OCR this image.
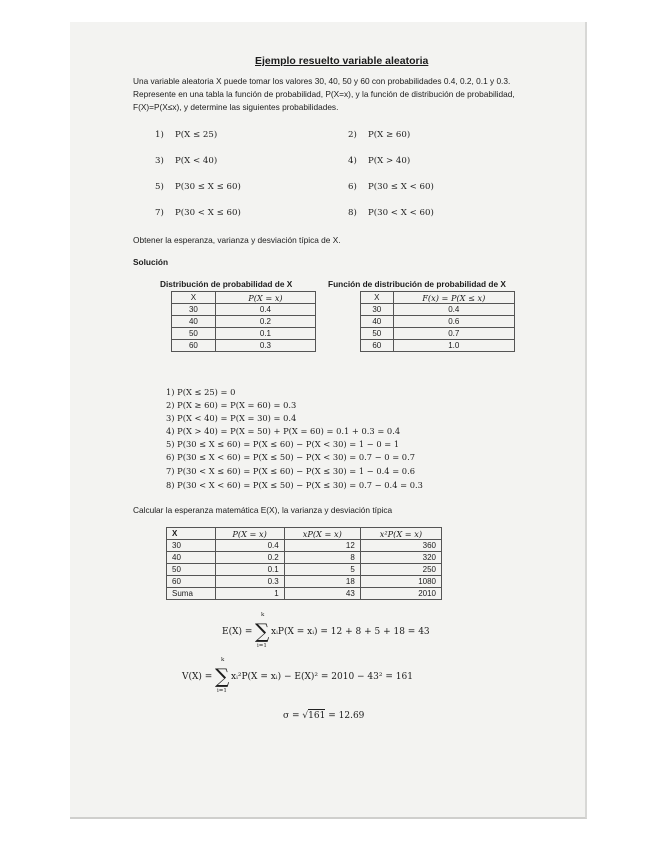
Ejemplo resuelto variable aleatoria
Una variable aleatoria X puede tomar los valores 30, 40, 50 y 60 con probabilidades 0.4, 0.2, 0.1 y 0.3. Represente en una tabla la función de probabilidad, P(X=x), y la función de distribución de probabilidad, F(X)=P(X≤x), y determine las siguientes probabilidades.
1) P(X ≤ 25)	2) P(X ≥ 60)
3) P(X < 40)	4) P(X > 40)
5) P(30 ≤ X ≤ 60)	6) P(30 ≤ X < 60)
7) P(30 < X ≤ 60)	8) P(30 < X < 60)
Obtener la esperanza, varianza y desviación típica de X.
Solución
Distribución de probabilidad de X
X	P(X = x)
30	0.4
40	0.2
50	0.1
60	0.3
Función de distribución de probabilidad de X
X	F(x) = P(X ≤ x)
30	0.4
40	0.6
50	0.7
60	1.0
1) P(X ≤ 25) = 0
2) P(X ≥ 60) = P(X = 60) = 0.3
3) P(X < 40) = P(X = 30) = 0.4
4) P(X > 40) = P(X = 50) + P(X = 60) = 0.1 + 0.3 = 0.4
5) P(30 ≤ X ≤ 60) = P(X ≤ 60) − P(X < 30) = 1 − 0 = 1
6) P(30 ≤ X < 60) = P(X ≤ 50) − P(X < 30) = 0.7 − 0 = 0.7
7) P(30 < X ≤ 60) = P(X ≤ 60) − P(X ≤ 30) = 1 − 0.4 = 0.6
8) P(30 < X < 60) = P(X ≤ 50) − P(X ≤ 30) = 0.7 − 0.4 = 0.3
Calcular la esperanza matemática E(X), la varianza y desviación típica
X	P(X = x)	xP(X = x)	x²P(X = x)
30	0.4	12	360
40	0.2	8	320
50	0.1	5	250
60	0.3	18	1080
Suma	1	43	2010
E(X) =
k
∑
i=1
xᵢP(X = xᵢ) = 12 + 8 + 5 + 18 = 43
V(X) =
k
∑
i=1
xᵢ²P(X = xᵢ) − E(X)² = 2010 − 43² = 161
σ = √161 = 12.69
